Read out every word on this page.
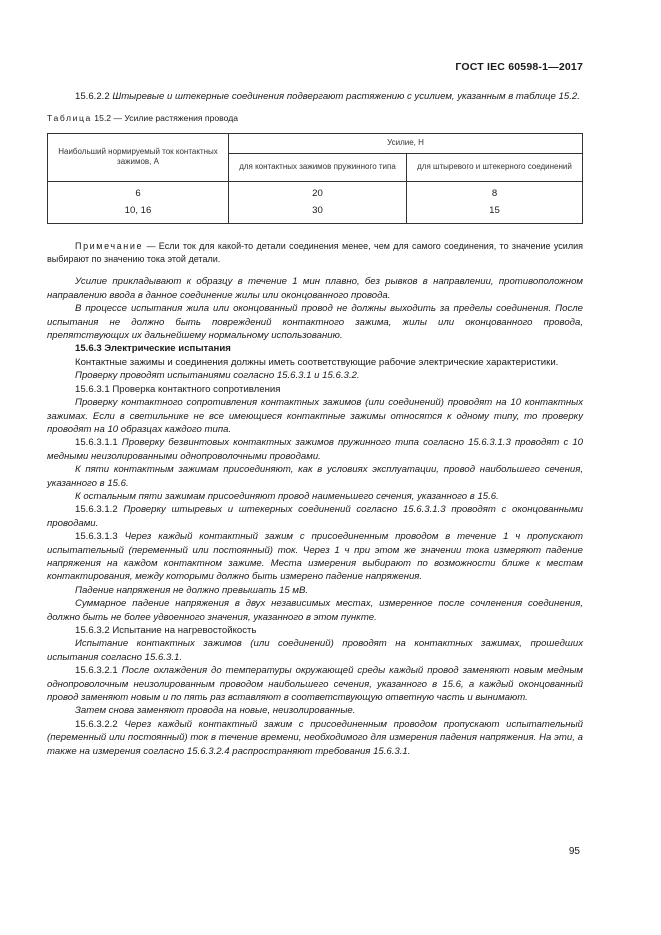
ГОСТ IEC 60598-1—2017

15.6.2.2 Штыревые и штекерные соединения подвергают растяжению с усилием, указанным в таблице 15.2.

Таблица 15.2 — Усилие растяжения провода

Наибольший нормируемый ток контактных зажимов, А	Усилие, Н	
	для контактных зажимов пружинного типа	для штыревого и штекерного соединений
6	20	8
10, 16	30	15

Примечание — Если ток для какой-то детали соединения менее, чем для самого соединения, то значение усилия выбирают по значению тока этой детали.

Усилие прикладывают к образцу в течение 1 мин плавно, без рывков в направлении, противоположном направлению ввода в данное соединение жилы или оконцованного провода.

В процессе испытания жила или оконцованный провод не должны выходить за пределы соединения. После испытания не должно быть повреждений контактного зажима, жилы или оконцованного провода, препятствующих их дальнейшему нормальному использованию.

15.6.3 Электрические испытания

Контактные зажимы и соединения должны иметь соответствующие рабочие электрические характеристики.

Проверку проводят испытаниями согласно 15.6.3.1 и 15.6.3.2.

15.6.3.1 Проверка контактного сопротивления

Проверку контактного сопротивления контактных зажимов (или соединений) проводят на 10 контактных зажимах. Если в светильнике не все имеющиеся контактные зажимы относятся к одному типу, то проверку проводят на 10 образцах каждого типа.

15.6.3.1.1 Проверку безвинтовых контактных зажимов пружинного типа согласно 15.6.3.1.3 проводят с 10 медными неизолированными однопроволочными проводами.

К пяти контактным зажимам присоединяют, как в условиях эксплуатации, провод наибольшего сечения, указанного в 15.6.

К остальным пяти зажимам присоединяют провод наименьшего сечения, указанного в 15.6.

15.6.3.1.2 Проверку штыревых и штекерных соединений согласно 15.6.3.1.3 проводят с оконцованными проводами.

15.6.3.1.3 Через каждый контактный зажим с присоединенным проводом в течение 1 ч пропускают испытательный (переменный или постоянный) ток. Через 1 ч при этом же значении тока измеряют падение напряжения на каждом контактном зажиме. Места измерения выбирают по возможности ближе к местам контактирования, между которыми должно быть измерено падение напряжения.

Падение напряжения не должно превышать 15 мВ.

Суммарное падение напряжения в двух независимых местах, измеренное после сочленения соединения, должно быть не более удвоенного значения, указанного в этом пункте.

15.6.3.2 Испытание на нагревостойкость

Испытание контактных зажимов (или соединений) проводят на контактных зажимах, прошедших испытания согласно 15.6.3.1.

15.6.3.2.1 После охлаждения до температуры окружающей среды каждый провод заменяют новым медным однопроволочным неизолированным проводом наибольшего сечения, указанного в 15.6, а каждый оконцованный провод заменяют новым и по пять раз вставляют в соответствующую ответную часть и вынимают.

Затем снова заменяют провода на новые, неизолированные.

15.6.3.2.2 Через каждый контактный зажим с присоединенным проводом пропускают испытательный (переменный или постоянный) ток в течение времени, необходимого для измерения падения напряжения. На эти, а также на измерения согласно 15.6.3.2.4 распространяют требования 15.6.3.1.

95
